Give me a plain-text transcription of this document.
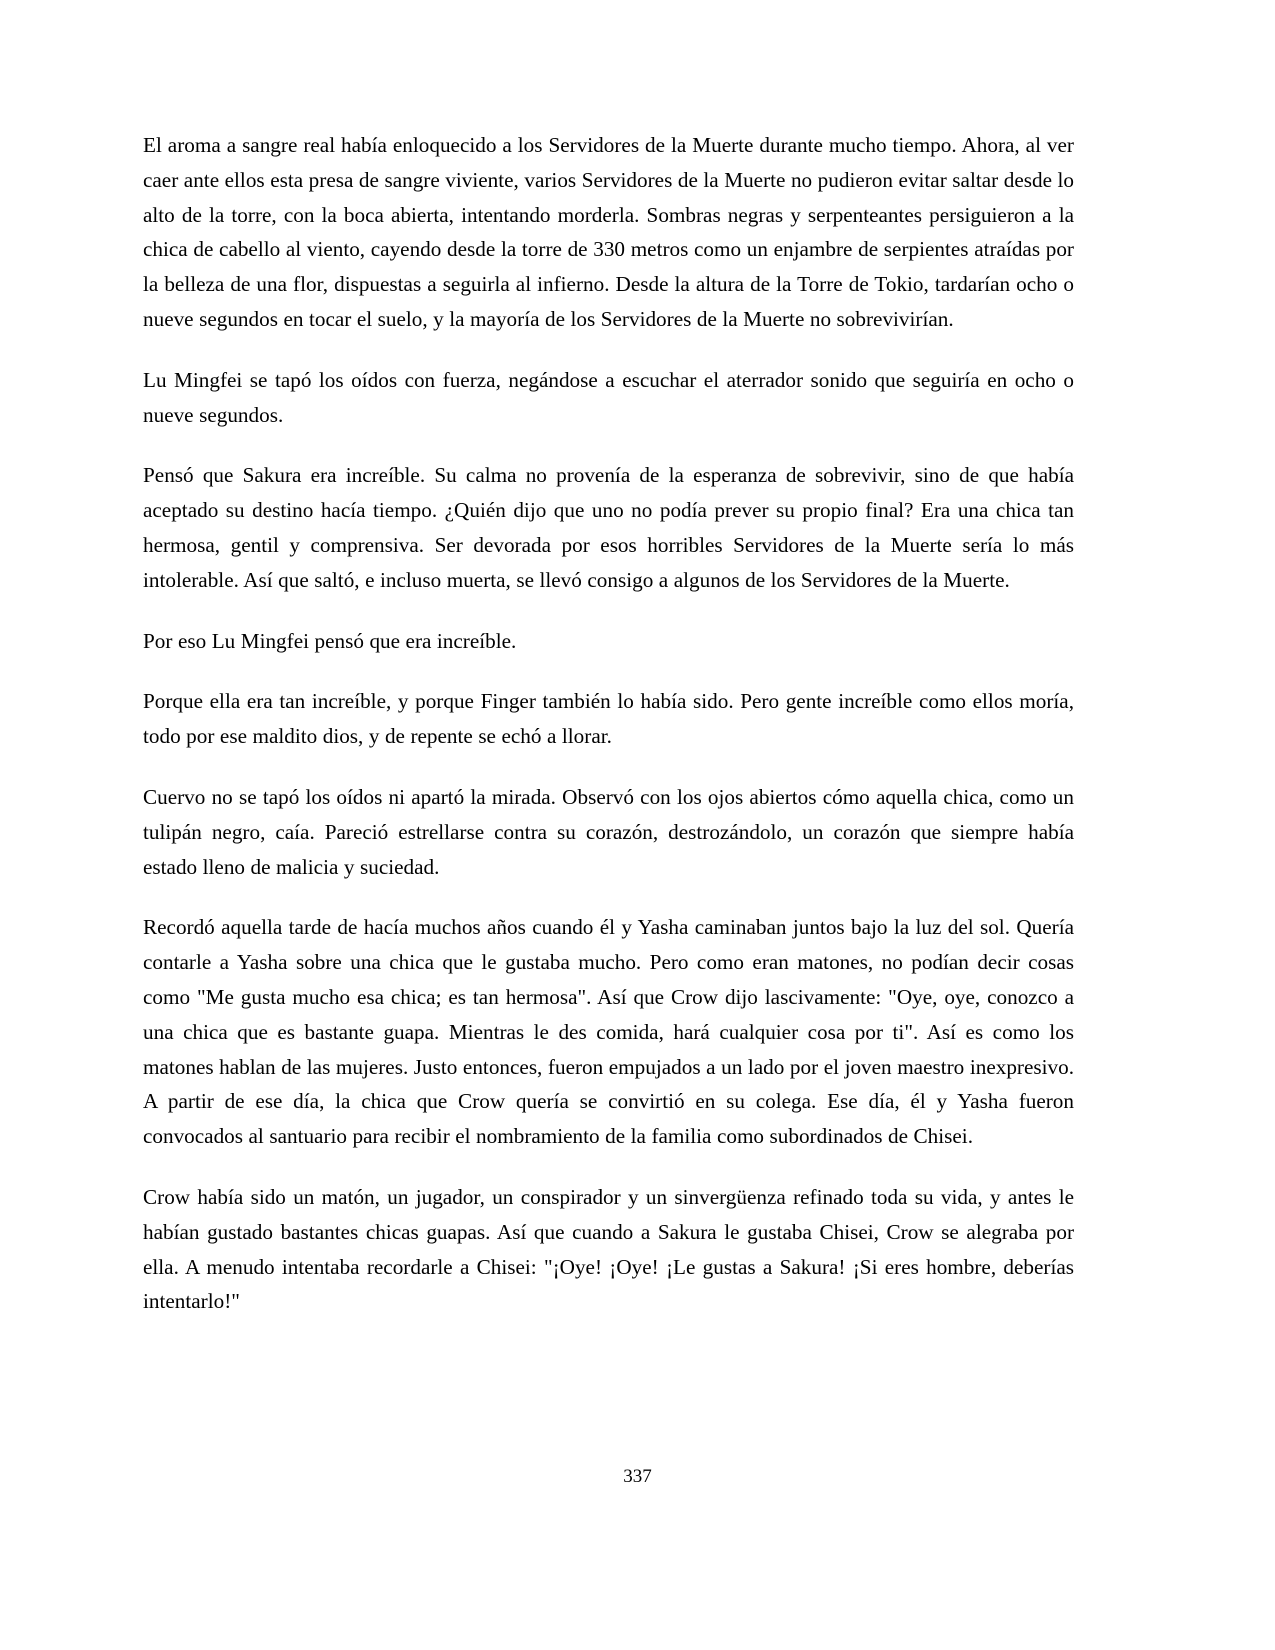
El aroma a sangre real había enloquecido a los Servidores de la Muerte durante mucho tiempo. Ahora, al ver caer ante ellos esta presa de sangre viviente, varios Servidores de la Muerte no pudieron evitar saltar desde lo alto de la torre, con la boca abierta, intentando morderla. Sombras negras y serpenteantes persiguieron a la chica de cabello al viento, cayendo desde la torre de 330 metros como un enjambre de serpientes atraídas por la belleza de una flor, dispuestas a seguirla al infierno. Desde la altura de la Torre de Tokio, tardarían ocho o nueve segundos en tocar el suelo, y la mayoría de los Servidores de la Muerte no sobrevivirían.

Lu Mingfei se tapó los oídos con fuerza, negándose a escuchar el aterrador sonido que seguiría en ocho o nueve segundos.

Pensó que Sakura era increíble. Su calma no provenía de la esperanza de sobrevivir, sino de que había aceptado su destino hacía tiempo. ¿Quién dijo que uno no podía prever su propio final? Era una chica tan hermosa, gentil y comprensiva. Ser devorada por esos horribles Servidores de la Muerte sería lo más intolerable. Así que saltó, e incluso muerta, se llevó consigo a algunos de los Servidores de la Muerte.

Por eso Lu Mingfei pensó que era increíble.

Porque ella era tan increíble, y porque Finger también lo había sido. Pero gente increíble como ellos moría, todo por ese maldito dios, y de repente se echó a llorar.

Cuervo no se tapó los oídos ni apartó la mirada. Observó con los ojos abiertos cómo aquella chica, como un tulipán negro, caía. Pareció estrellarse contra su corazón, destrozándolo, un corazón que siempre había estado lleno de malicia y suciedad.

Recordó aquella tarde de hacía muchos años cuando él y Yasha caminaban juntos bajo la luz del sol. Quería contarle a Yasha sobre una chica que le gustaba mucho. Pero como eran matones, no podían decir cosas como "Me gusta mucho esa chica; es tan hermosa". Así que Crow dijo lascivamente: "Oye, oye, conozco a una chica que es bastante guapa. Mientras le des comida, hará cualquier cosa por ti". Así es como los matones hablan de las mujeres. Justo entonces, fueron empujados a un lado por el joven maestro inexpresivo. A partir de ese día, la chica que Crow quería se convirtió en su colega. Ese día, él y Yasha fueron convocados al santuario para recibir el nombramiento de la familia como subordinados de Chisei.

Crow había sido un matón, un jugador, un conspirador y un sinvergüenza refinado toda su vida, y antes le habían gustado bastantes chicas guapas. Así que cuando a Sakura le gustaba Chisei, Crow se alegraba por ella. A menudo intentaba recordarle a Chisei: "¡Oye! ¡Oye! ¡Le gustas a Sakura! ¡Si eres hombre, deberías intentarlo!"

337
